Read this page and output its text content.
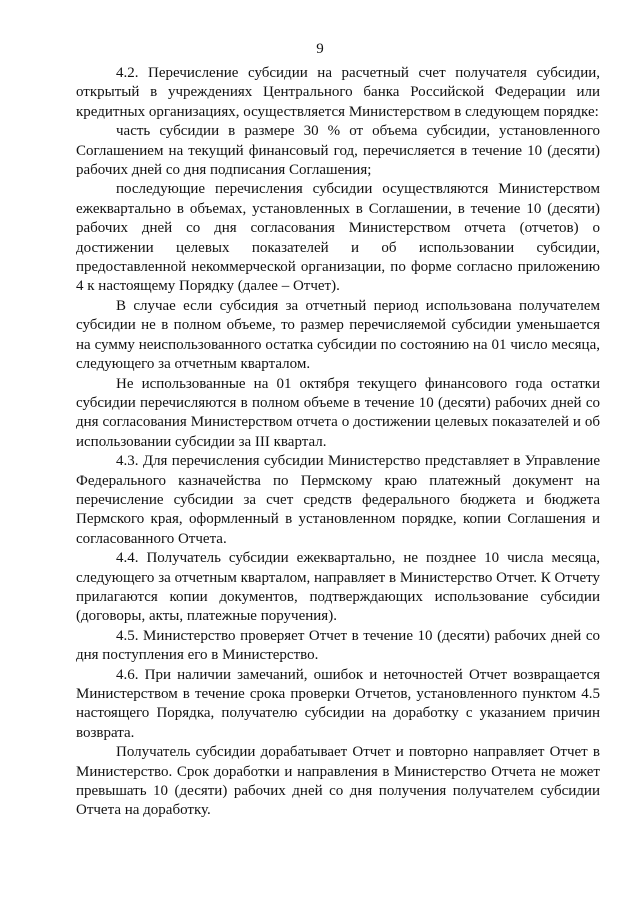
9

4.2. Перечисление субсидии на расчетный счет получателя субсидии, открытый в учреждениях Центрального банка Российской Федерации или кредитных организациях, осуществляется Министерством в следующем порядке:

часть субсидии в размере 30 % от объема субсидии, установленного Соглашением на текущий финансовый год, перечисляется в течение 10 (десяти) рабочих дней со дня подписания Соглашения;

последующие перечисления субсидии осуществляются Министерством ежеквартально в объемах, установленных в Соглашении, в течение 10 (десяти) рабочих дней со дня согласования Министерством отчета (отчетов) о достижении целевых показателей и об использовании субсидии, предоставленной некоммерческой организации, по форме согласно приложению 4 к настоящему Порядку (далее – Отчет).

В случае если субсидия за отчетный период использована получателем субсидии не в полном объеме, то размер перечисляемой субсидии уменьшается на сумму неиспользованного остатка субсидии по состоянию на 01 число месяца, следующего за отчетным кварталом.

Не использованные на 01 октября текущего финансового года остатки субсидии перечисляются в полном объеме в течение 10 (десяти) рабочих дней со дня согласования Министерством отчета о достижении целевых показателей и об использовании субсидии за III квартал.

4.3. Для перечисления субсидии Министерство представляет в Управление Федерального казначейства по Пермскому краю платежный документ на перечисление субсидии за счет средств федерального бюджета и бюджета Пермского края, оформленный в установленном порядке, копии Соглашения и согласованного Отчета.

4.4. Получатель субсидии ежеквартально, не позднее 10 числа месяца, следующего за отчетным кварталом, направляет в Министерство Отчет. К Отчету прилагаются копии документов, подтверждающих использование субсидии (договоры, акты, платежные поручения).

4.5. Министерство проверяет Отчет в течение 10 (десяти) рабочих дней со дня поступления его в Министерство.

4.6. При наличии замечаний, ошибок и неточностей Отчет возвращается Министерством в течение срока проверки Отчетов, установленного пунктом 4.5 настоящего Порядка, получателю субсидии на доработку с указанием причин возврата.

Получатель субсидии дорабатывает Отчет и повторно направляет Отчет в Министерство. Срок доработки и направления в Министерство Отчета не может превышать 10 (десяти) рабочих дней со дня получения получателем субсидии Отчета на доработку.
